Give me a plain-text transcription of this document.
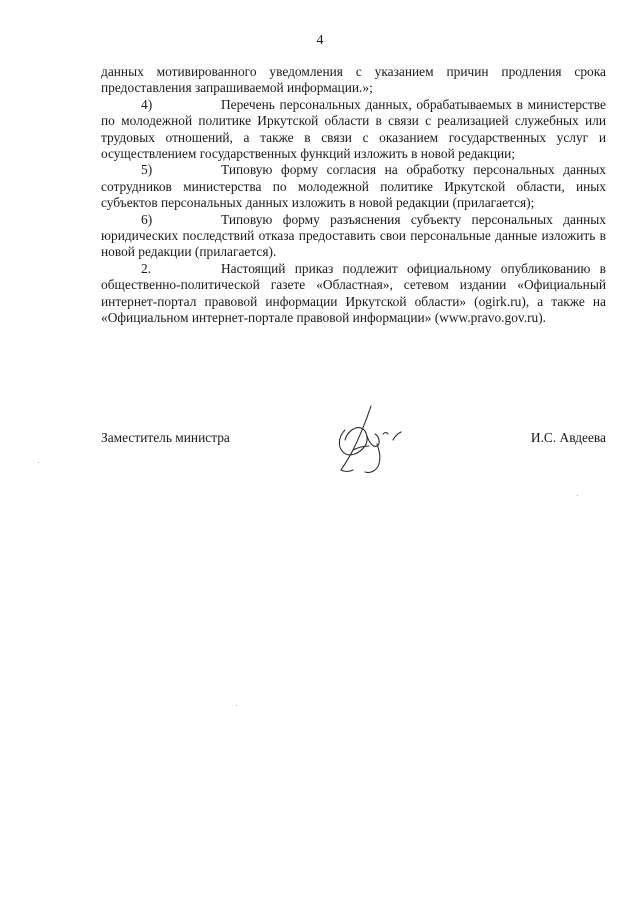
4

данных мотивированного уведомления с указанием причин продления срока предоставления запрашиваемой информации.»;

4)	Перечень персональных данных, обрабатываемых в министерстве по молодежной политике Иркутской области в связи с реализацией служебных или трудовых отношений, а также в связи с оказанием государственных услуг и осуществлением государственных функций изложить в новой редакции;

5)	Типовую форму согласия на обработку персональных данных сотрудников министерства по молодежной политике Иркутской области, иных субъектов персональных данных изложить в новой редакции (прилагается);

6)	Типовую форму разъяснения субъекту персональных данных юридических последствий отказа предоставить свои персональные данные изложить в новой редакции (прилагается).

2.	Настоящий приказ подлежит официальному опубликованию в общественно-политической газете «Областная», сетевом издании «Официальный интернет-портал правовой информации Иркутской области» (ogirk.ru), а также на «Официальном интернет-портале правовой информации» (www.pravo.gov.ru).

Заместитель министра	И.С. Авдеева
